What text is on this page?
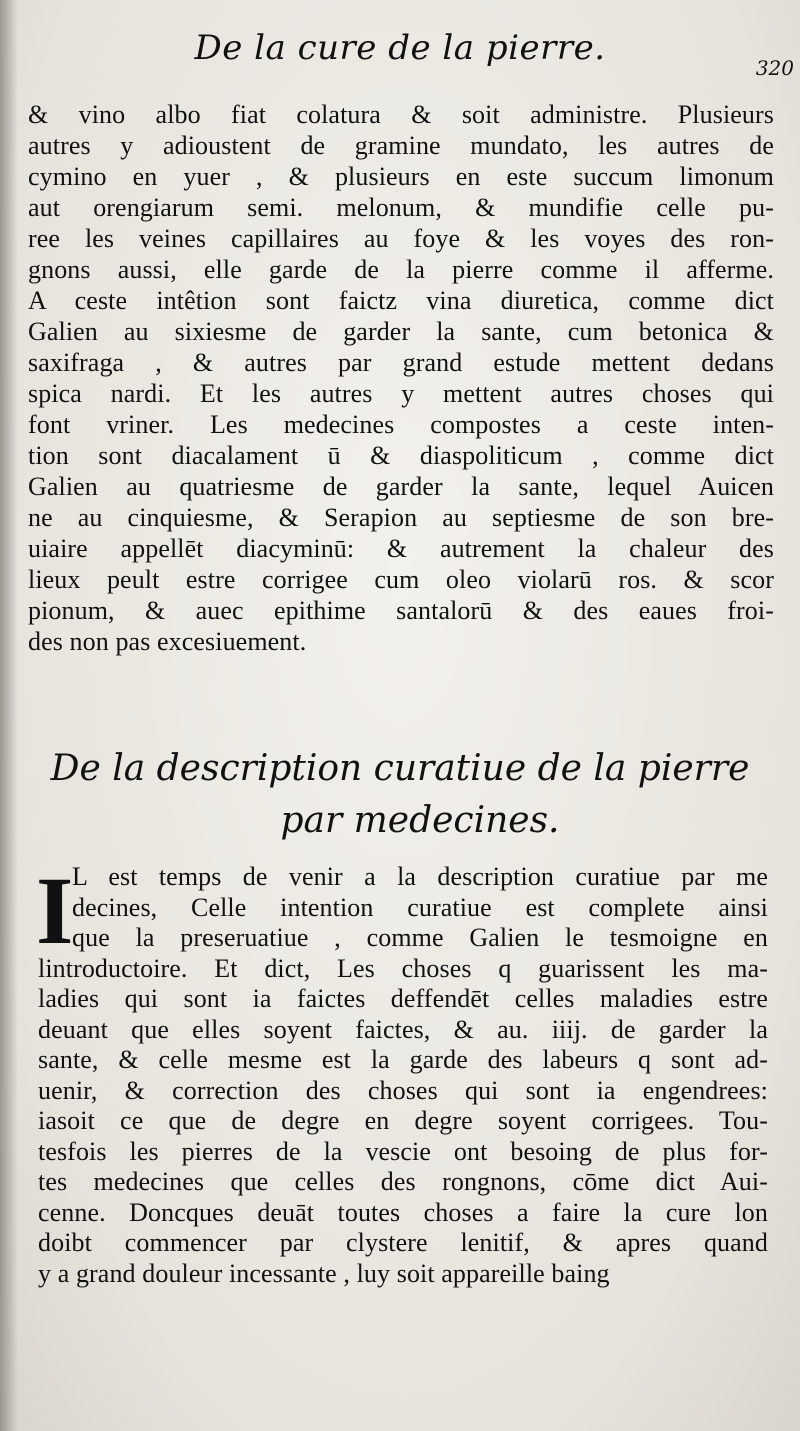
De la cure de la pierre.	320
& vino albo fiat colatura & soit administre. Plusieurs
autres y adioustent de gramine mundato, les autres de
cymino en yuer , & plusieurs en este succum limonum
aut orengiarum semi. melonum, & mundifie celle pu-
ree les veines capillaires au foye & les voyes des ron-
gnons aussi, elle garde de la pierre comme il afferme.
A ceste intêtion sont faictz vina diuretica, comme dict
Galien au sixiesme de garder la sante, cum betonica &
saxifraga , & autres par grand estude mettent dedans
spica nardi. Et les autres y mettent autres choses qui
font vriner. Les medecines compostes a ceste inten-
tion sont diacalament ū & diaspoliticum , comme dict
Galien au quatriesme de garder la sante, lequel Auicen
ne au cinquiesme, & Serapion au septiesme de son bre-
uiaire appellēt diacyminū: & autrement la chaleur des
lieux peult estre corrigee cum oleo violarū ros. & scor
pionum, & auec epithime santalorū & des eaues froi-
des non pas excesiuement.
De la description curatiue de la pierre
par medecines.
I
L est temps de venir a la description curatiue par me
decines, Celle intention curatiue est complete ainsi
que la preseruatiue , comme Galien le tesmoigne en
lintroductoire. Et dict, Les choses q guarissent les ma-
ladies qui sont ia faictes deffendēt celles maladies estre
deuant que elles soyent faictes, & au. iiij. de garder la
sante, & celle mesme est la garde des labeurs q sont ad-
uenir, & correction des choses qui sont ia engendrees:
iasoit ce que de degre en degre soyent corrigees. Tou-
tesfois les pierres de la vescie ont besoing de plus for-
tes medecines que celles des rongnons, cōme dict Aui-
cenne. Doncques deuāt toutes choses a faire la cure lon
doibt commencer par clystere lenitif, & apres quand
y a grand douleur incessante , luy soit appareille baing
